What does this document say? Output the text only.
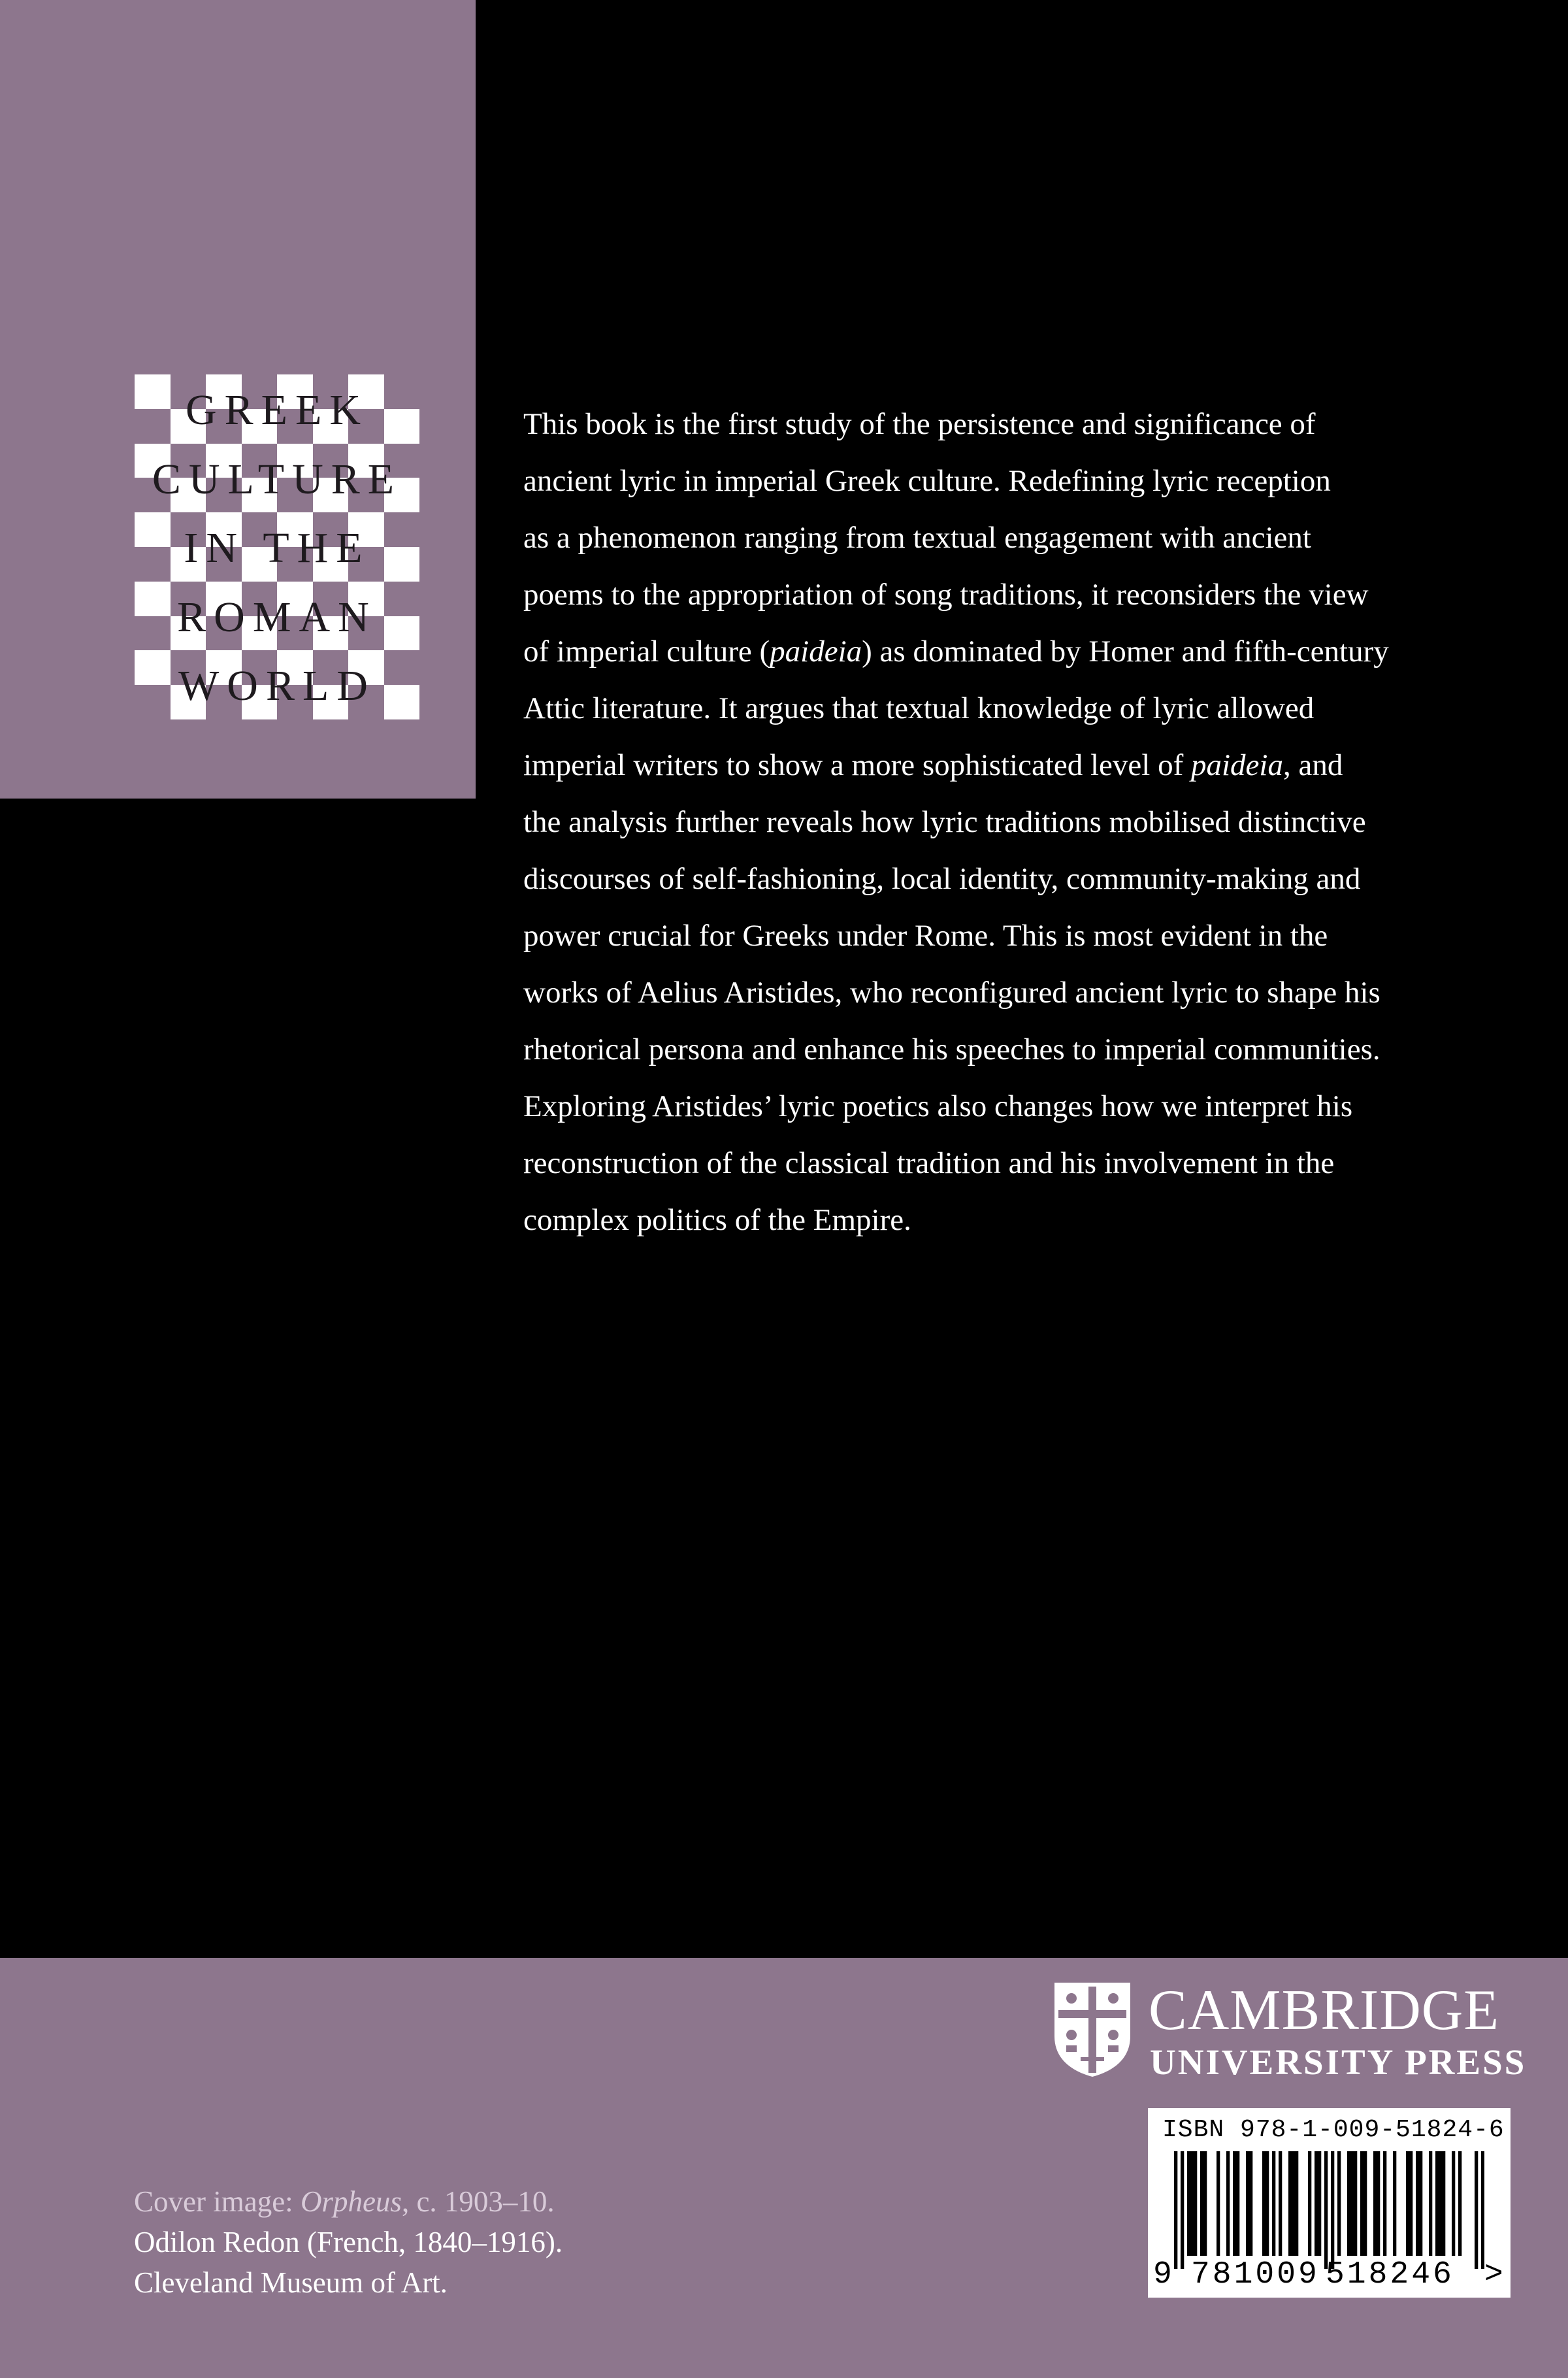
GREEK
CULTURE
IN THE
ROMAN
WORLD
This book is the first study of the persistence and significance of
ancient lyric in imperial Greek culture. Redefining lyric reception
as a phenomenon ranging from textual engagement with ancient
poems to the appropriation of song traditions, it reconsiders the view
of imperial culture (paideia) as dominated by Homer and fifth-century
Attic literature. It argues that textual knowledge of lyric allowed
imperial writers to show a more sophisticated level of paideia, and
the analysis further reveals how lyric traditions mobilised distinctive
discourses of self-fashioning, local identity, community-making and
power crucial for Greeks under Rome. This is most evident in the
works of Aelius Aristides, who reconfigured ancient lyric to shape his
rhetorical persona and enhance his speeches to imperial communities.
Exploring Aristides’ lyric poetics also changes how we interpret his
reconstruction of the classical tradition and his involvement in the
complex politics of the Empire.
CAMBRIDGE
UNIVERSITY PRESS
Cover image: Orpheus, c. 1903–10.
Odilon Redon (French, 1840–1916).
Cleveland Museum of Art.
ISBN 978-1-009-51824-6
9 781009 518246 >
